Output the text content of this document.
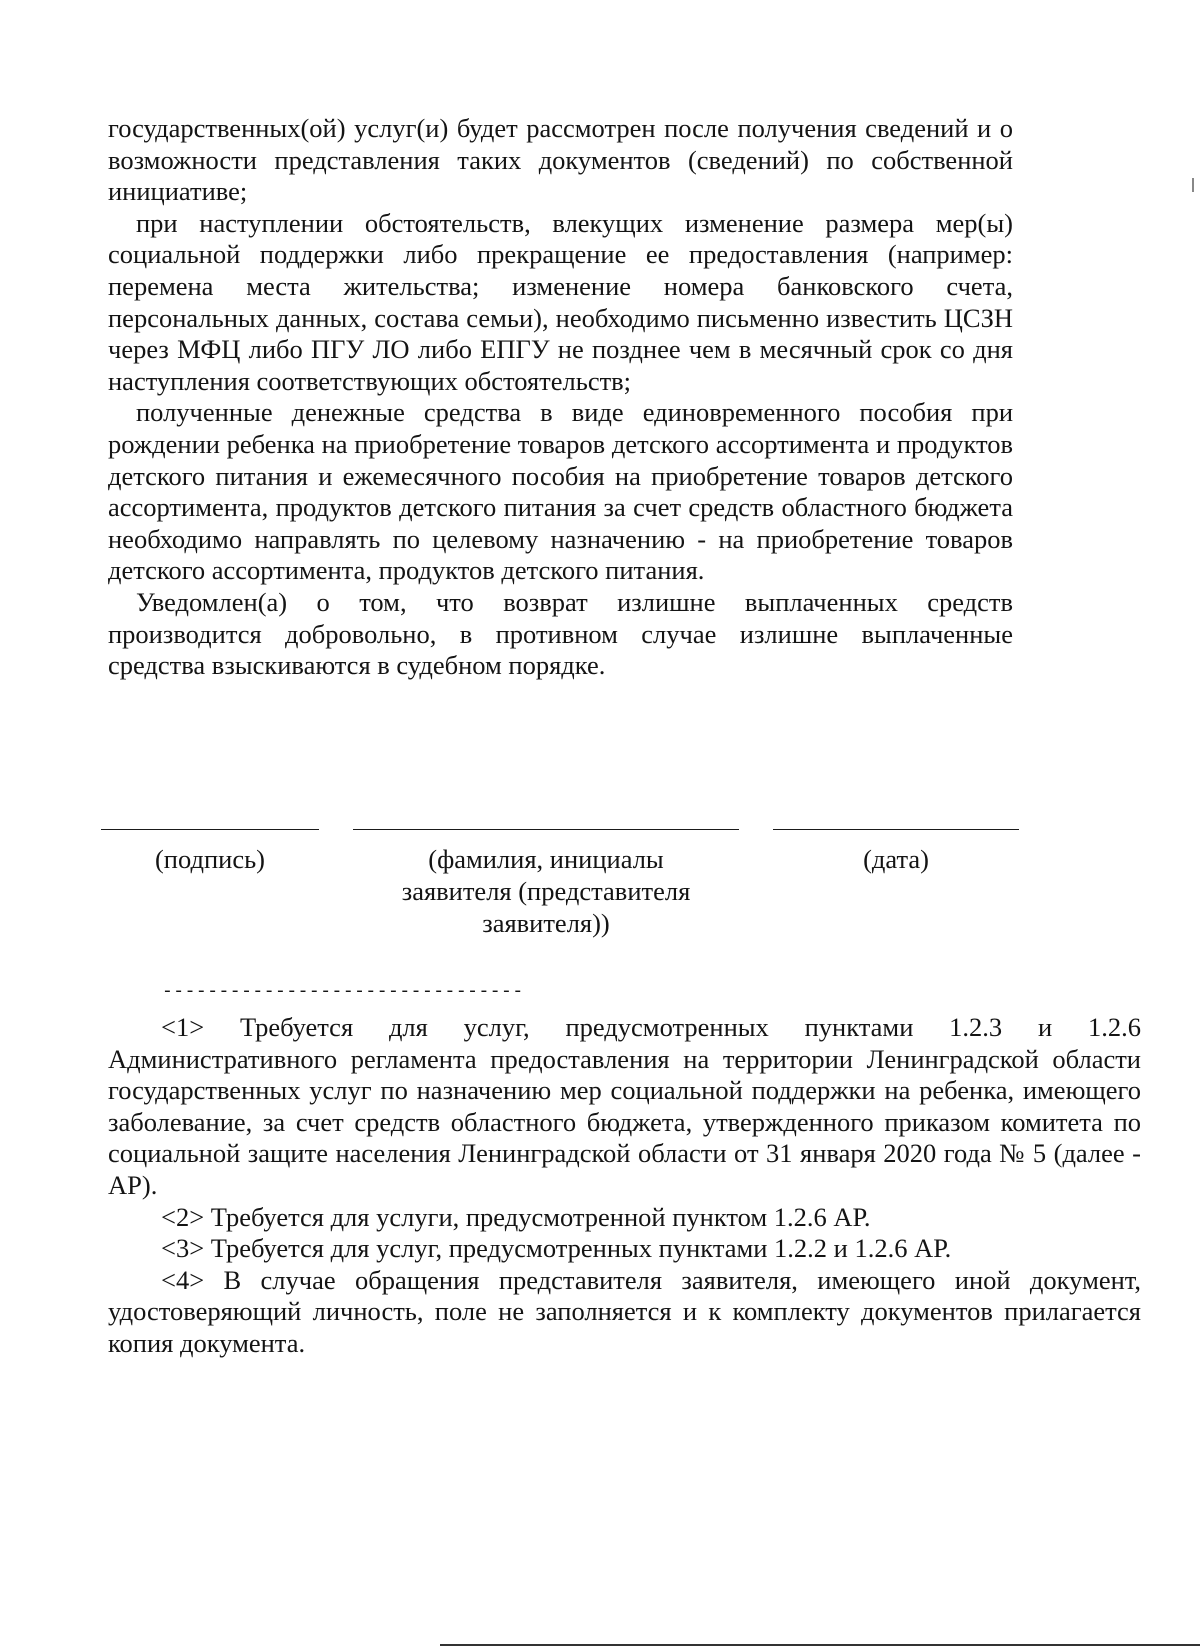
государственных(ой) услуг(и) будет рассмотрен после получения сведений и о возможности представления таких документов (сведений) по собственной инициативе;

при наступлении обстоятельств, влекущих изменение размера мер(ы) социальной поддержки либо прекращение ее предоставления (например: перемена места жительства; изменение номера банковского счета, персональных данных, состава семьи), необходимо письменно известить ЦСЗН через МФЦ либо ПГУ ЛО либо ЕПГУ не позднее чем в месячный срок со дня наступления соответствующих обстоятельств;

полученные денежные средства в виде единовременного пособия при рождении ребенка на приобретение товаров детского ассортимента и продуктов детского питания и ежемесячного пособия на приобретение товаров детского ассортимента, продуктов детского питания за счет средств областного бюджета необходимо направлять по целевому назначению - на приобретение товаров детского ассортимента, продуктов детского питания.

Уведомлен(а) о том, что возврат излишне выплаченных средств производится добровольно, в противном случае излишне выплаченные средства взыскиваются в судебном порядке.

(подпись)	(фамилия, инициалы
заявителя (представителя
заявителя))
(дата)
--------------------------------

<1> Требуется для услуг, предусмотренных пунктами 1.2.3 и 1.2.6 Административного регламента предоставления на территории Ленинградской области государственных услуг по назначению мер социальной поддержки на ребенка, имеющего заболевание, за счет средств областного бюджета, утвержденного приказом комитета по социальной защите населения Ленинградской области от 31 января 2020 года № 5 (далее - АР).

<2> Требуется для услуги, предусмотренной пунктом 1.2.6 АР.

<3> Требуется для услуг, предусмотренных пунктами 1.2.2 и 1.2.6 АР.

<4> В случае обращения представителя заявителя, имеющего иной документ, удостоверяющий личность, поле не заполняется и к комплекту документов прилагается копия документа.
